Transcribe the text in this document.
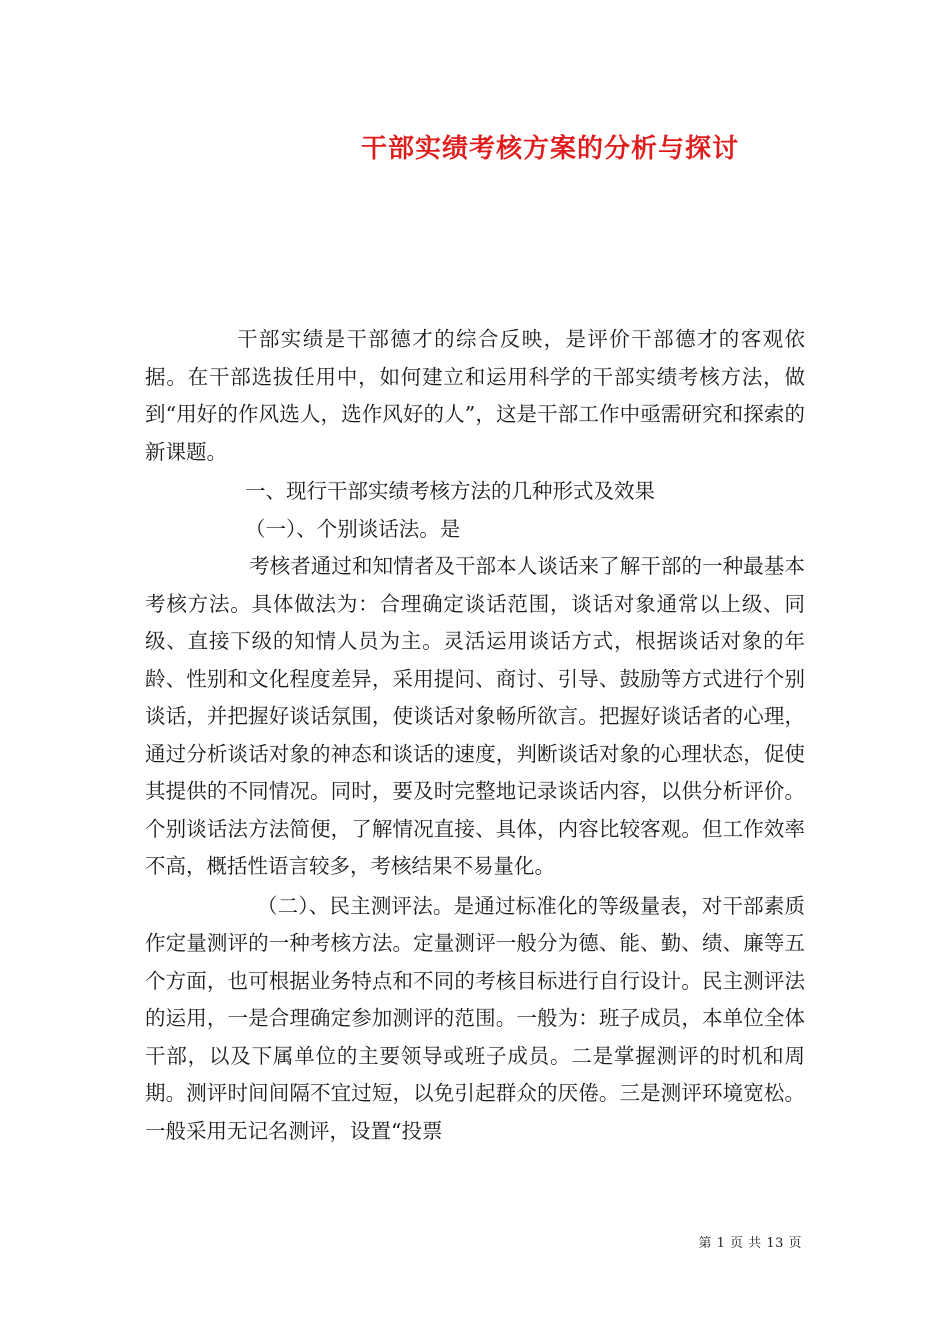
干部实绩考核方案的分析与探讨

干部实绩是干部德才的综合反映，是评价干部德才的客观依据。在干部选拔任用中，如何建立和运用科学的干部实绩考核方法，做到“用好的作风选人，选作风好的人”，这是干部工作中亟需研究和探索的新课题。

一、现行干部实绩考核方法的几种形式及效果

（一）、个别谈话法。是

考核者通过和知情者及干部本人谈话来了解干部的一种最基本考核方法。具体做法为：合理确定谈话范围，谈话对象通常以上级、同级、直接下级的知情人员为主。灵活运用谈话方式，根据谈话对象的年龄、性别和文化程度差异，采用提问、商讨、引导、鼓励等方式进行个别谈话，并把握好谈话氛围，使谈话对象畅所欲言。把握好谈话者的心理，通过分析谈话对象的神态和谈话的速度，判断谈话对象的心理状态，促使其提供的不同情况。同时，要及时完整地记录谈话内容，以供分析评价。个别谈话法方法简便，了解情况直接、具体，内容比较客观。但工作效率不高，概括性语言较多，考核结果不易量化。

（二）、民主测评法。是通过标准化的等级量表，对干部素质作定量测评的一种考核方法。定量测评一般分为德、能、勤、绩、廉等五个方面，也可根据业务特点和不同的考核目标进行自行设计。民主测评法的运用，一是合理确定参加测评的范围。一般为：班子成员，本单位全体干部，以及下属单位的主要领导或班子成员。二是掌握测评的时机和周期。测评时间间隔不宜过短，以免引起群众的厌倦。三是测评环境宽松。一般采用无记名测评，设置“投票

第 1 页 共 13 页
